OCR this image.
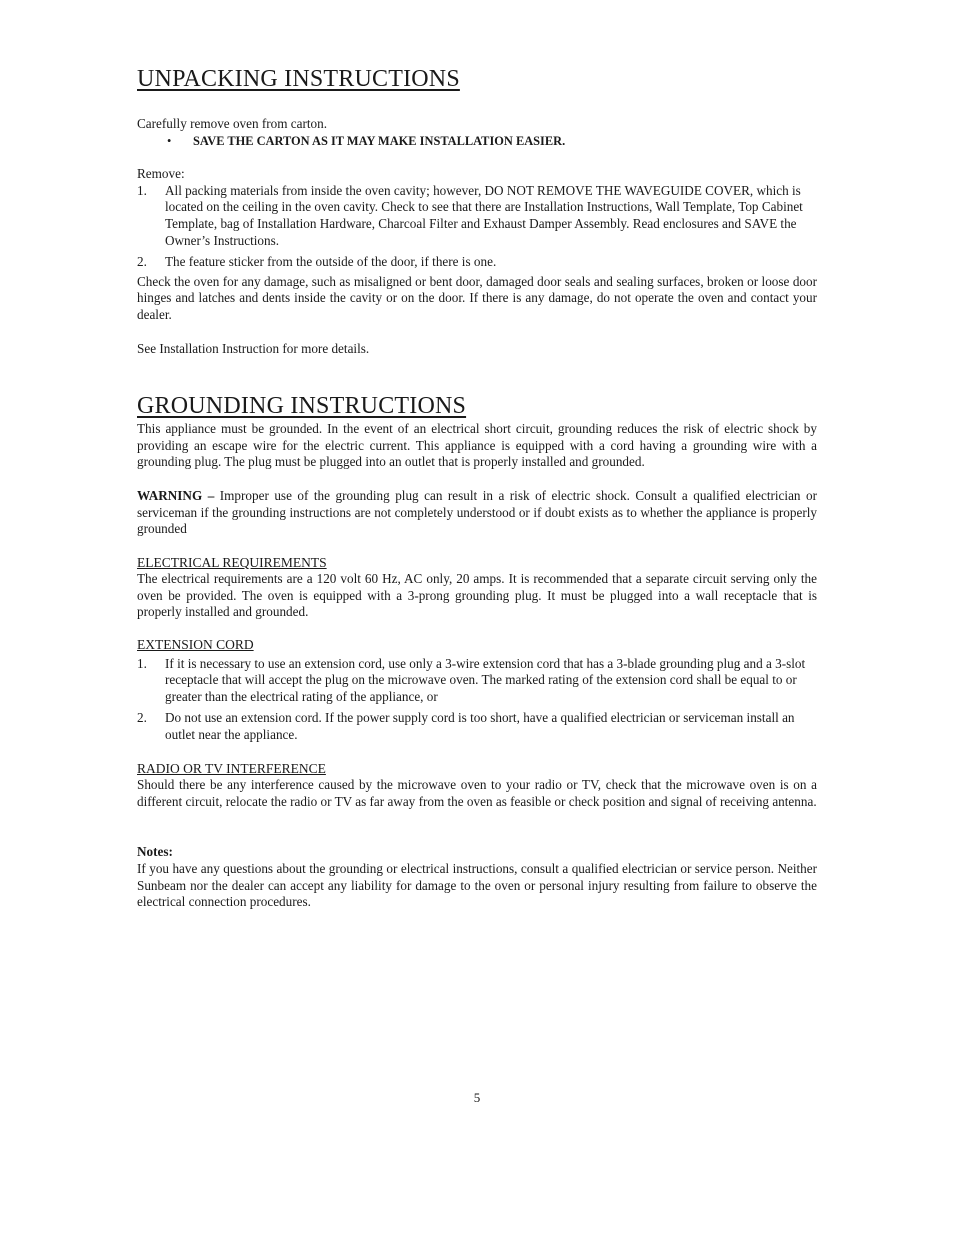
UNPACKING INSTRUCTIONS

Carefully remove oven from carton.

• SAVE THE CARTON AS IT MAY MAKE INSTALLATION EASIER.

Remove:

1. All packing materials from inside the oven cavity; however, DO NOT REMOVE THE WAVEGUIDE COVER, which is located on the ceiling in the oven cavity. Check to see that there are Installation Instructions, Wall Template, Top Cabinet Template, bag of Installation Hardware, Charcoal Filter and Exhaust Damper Assembly. Read enclosures and SAVE the Owner’s Instructions.
2. The feature sticker from the outside of the door, if there is one.

Check the oven for any damage, such as misaligned or bent door, damaged door seals and sealing surfaces, broken or loose door hinges and latches and dents inside the cavity or on the door. If there is any damage, do not operate the oven and contact your dealer.

See Installation Instruction for more details.

GROUNDING INSTRUCTIONS

This appliance must be grounded. In the event of an electrical short circuit, grounding reduces the risk of electric shock by providing an escape wire for the electric current. This appliance is equipped with a cord having a grounding wire with a grounding plug. The plug must be plugged into an outlet that is properly installed and grounded.

WARNING – Improper use of the grounding plug can result in a risk of electric shock. Consult a qualified electrician or serviceman if the grounding instructions are not completely understood or if doubt exists as to whether the appliance is properly grounded

ELECTRICAL REQUIREMENTS

The electrical requirements are a 120 volt 60 Hz, AC only, 20 amps. It is recommended that a separate circuit serving only the oven be provided. The oven is equipped with a 3-prong grounding plug. It must be plugged into a wall receptacle that is properly installed and grounded.

EXTENSION CORD
1. If it is necessary to use an extension cord, use only a 3-wire extension cord that has a 3-blade grounding plug and a 3-slot receptacle that will accept the plug on the microwave oven. The marked rating of the extension cord shall be equal to or greater than the electrical rating of the appliance, or
2. Do not use an extension cord. If the power supply cord is too short, have a qualified electrician or serviceman install an outlet near the appliance.
RADIO OR TV INTERFERENCE

Should there be any interference caused by the microwave oven to your radio or TV, check that the microwave oven is on a different circuit, relocate the radio or TV as far away from the oven as feasible or check position and signal of receiving antenna.

Notes:

If you have any questions about the grounding or electrical instructions, consult a qualified electrician or service person. Neither Sunbeam nor the dealer can accept any liability for damage to the oven or personal injury resulting from failure to observe the electrical connection procedures.

5
